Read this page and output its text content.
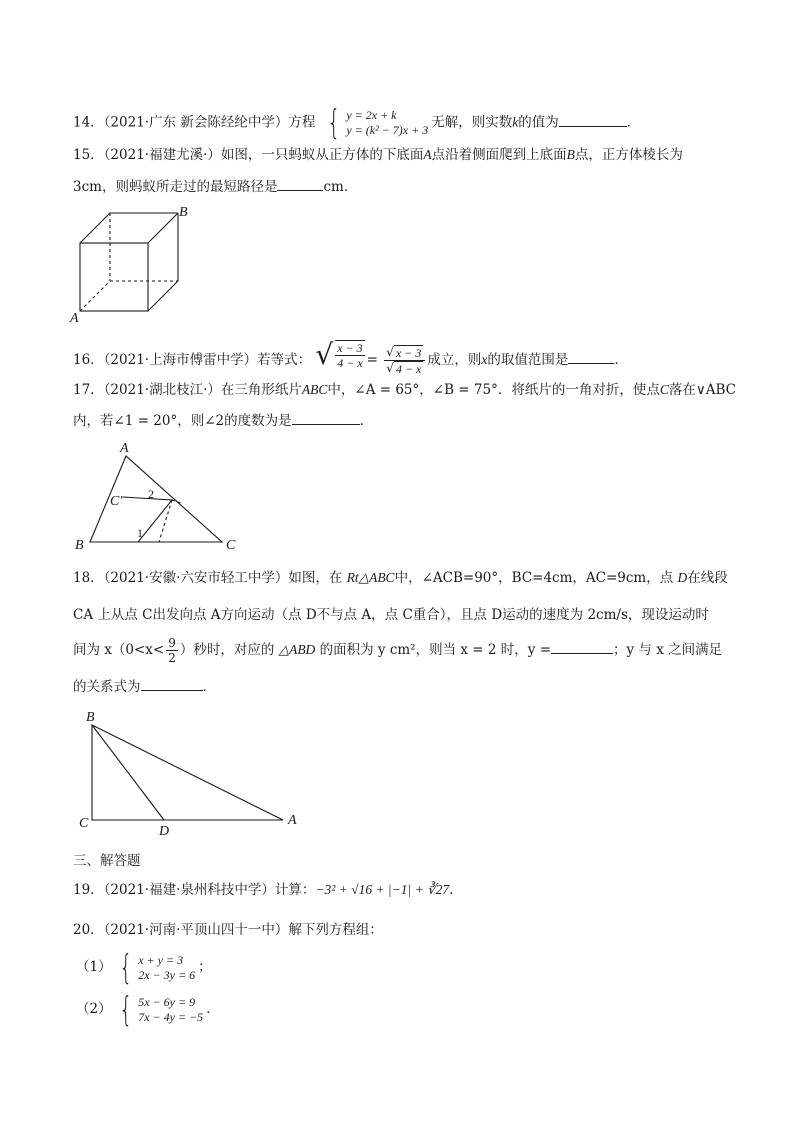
14．（2021·广东 新会陈经纶中学）方程 { y = 2x + k
y = (k² − 7)x + 3 无解，则实数k的值为	．
15．（2021·福建尤溪·）如图，一只蚂蚁从正方体的下底面A点沿着侧面爬到上底面B点，正方体棱长为
3cm，则蚂蚁所走过的最短路径是	cm．
B
A
16．（2021·上海市傅雷中学）若等式： √ $\frac{x - 3}{4 - x} = \frac{√ x - 3}{√ 4 - x}$ 成立，则x的取值范围是	．
17．（2021·湖北枝江·）在三角形纸片ABC中，∠A = 65°，∠B = 75°．将纸片的一角对折，使点C落在∨ABC
内，若∠1 = 20°，则∠2的度数为是	．
A
B	C
C′
1
2
18．（2021·安徽·六安市轻工中学）如图，在 Rt△ABC中，∠ACB=90°，BC=4cm，AC=9cm，点 D在线段
CA 上从点 C出发向点 A方向运动（点 D不与点 A，点 C重合），且点 D运动的速度为 2cm/s，现设运动时
间为 $x(0<x< \frac{9}{2}$ ）秒时，对应的 △ABD 的面积为 y cm²，则当 x = 2 时，y =	；y 与 x 之间满足
的关系式为	．
B
C
D
A
三、解答题
19．（2021·福建·泉州科技中学）计算：−3² + √16 + |−1| + ∛27．
20．（2021·河南·平顶山四十一中）解下列方程组：
（1） { x + y = 3
2x − 3y = 6 ；
（2） { 5x − 6y = 9
7x − 4y = −5 ．
